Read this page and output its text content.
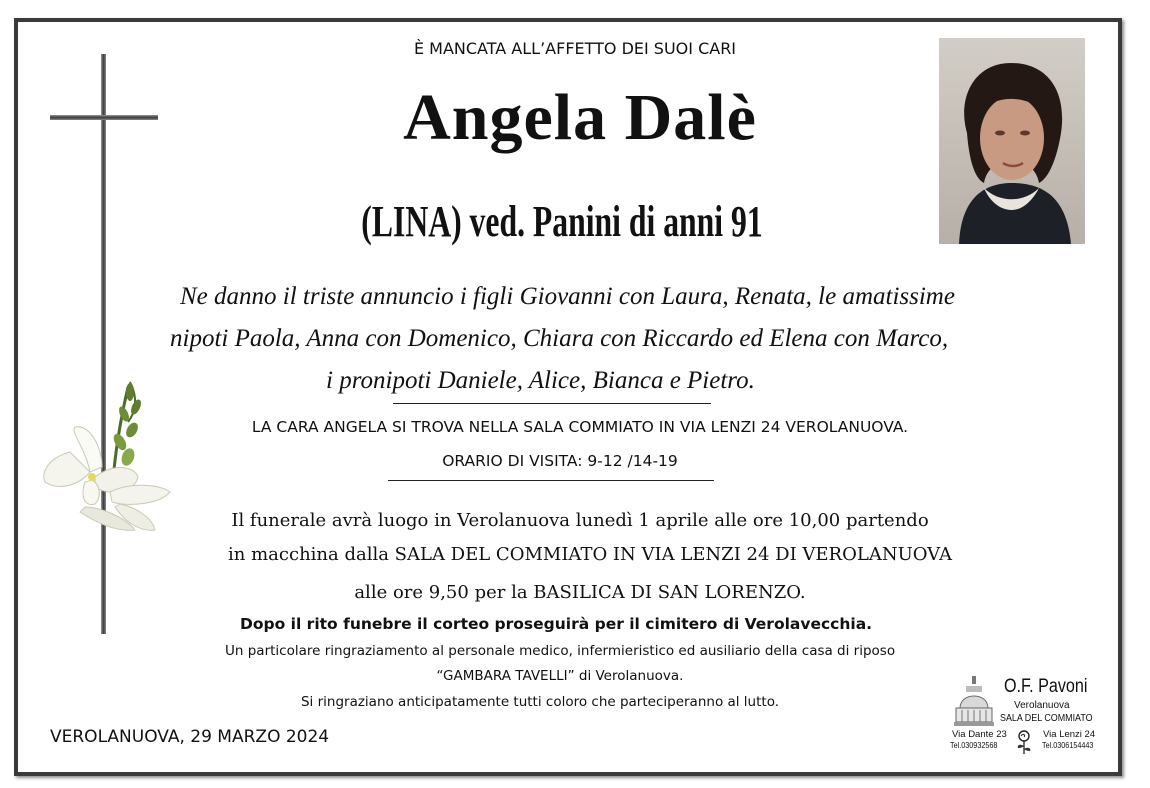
È MANCATA ALL’AFFETTO DEI SUOI CARI
Angela Dalè
(LINA) ved. Panini di anni 91
Ne danno il triste annuncio i figli Giovanni con Laura, Renata, le amatissime
nipoti Paola, Anna con Domenico, Chiara con Riccardo ed Elena con Marco,
i pronipoti Daniele, Alice, Bianca e Pietro.
LA CARA ANGELA SI TROVA NELLA SALA COMMIATO IN VIA LENZI 24 VEROLANUOVA.
ORARIO DI VISITA: 9-12 /14-19
Il funerale avrà luogo in Verolanuova lunedì 1 aprile alle ore 10,00 partendo
in macchina dalla SALA DEL COMMIATO IN VIA LENZI 24 DI VEROLANUOVA
alle ore 9,50 per la BASILICA DI SAN LORENZO.
Dopo il rito funebre il corteo proseguirà per il cimitero di Verolavecchia.
Un particolare ringraziamento al personale medico, infermieristico ed ausiliario della casa di riposo
“GAMBARA TAVELLI” di Verolanuova.
Si ringraziano anticipatamente tutti coloro che parteciperanno al lutto.
VEROLANUOVA, 29 MARZO 2024
O.F. Pavoni
Verolanuova
SALA DEL COMMIATO
Via Dante 23
Tel.030932568
Via Lenzi 24
Tel.0306154443
